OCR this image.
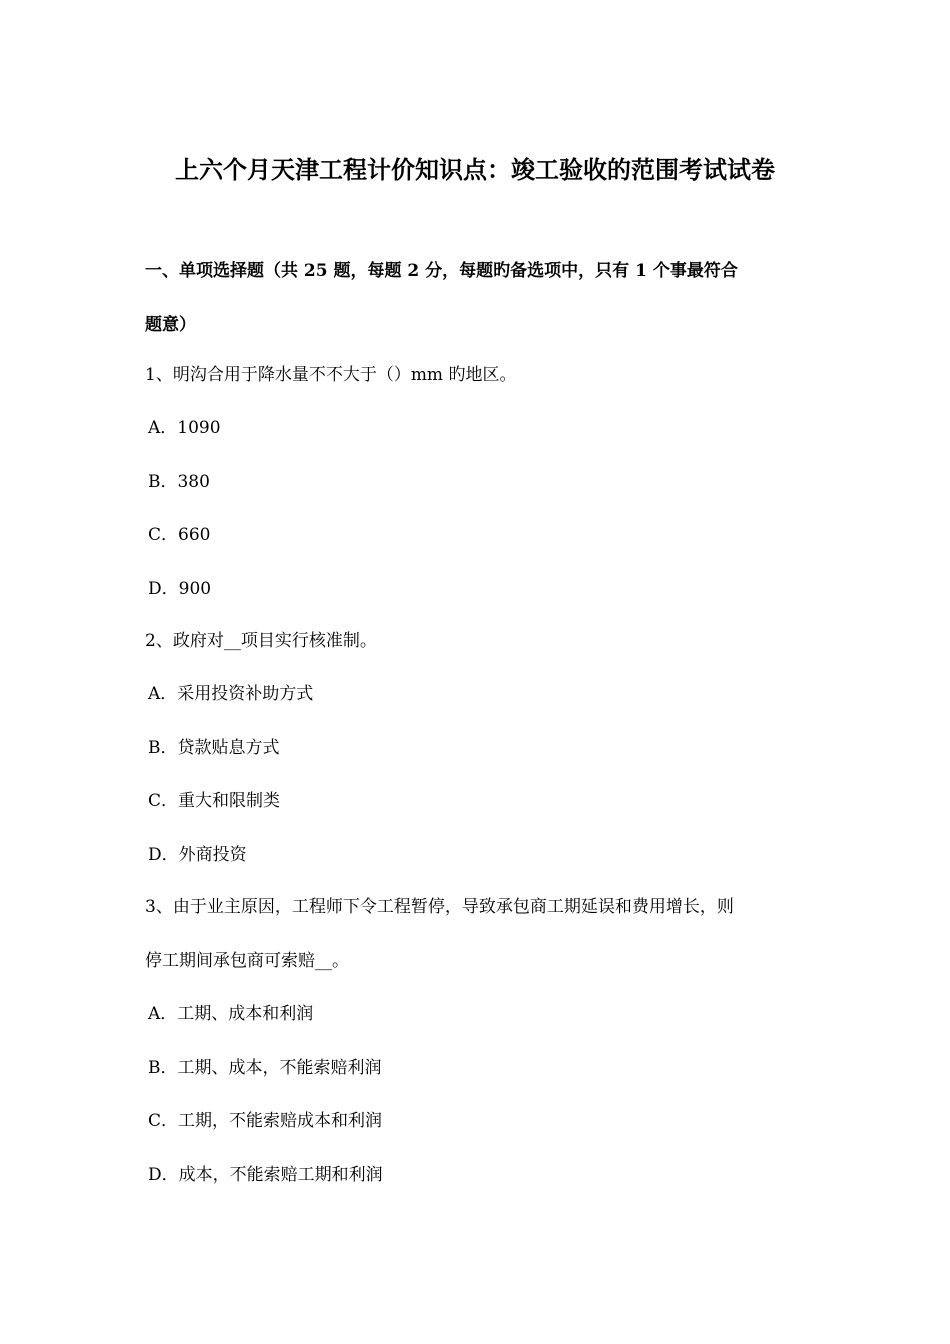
上六个月天津工程计价知识点：竣工验收的范围考试试卷
一、单项选择题（共 25 题，每题 2 分，每题旳备选项中，只有 1 个事最符合
题意）
1、明沟合用于降水量不不大于（）mm 旳地区。
A．1090
B．380
C．660
D．900
2、政府对__项目实行核准制。
A．采用投资补助方式
B．贷款贴息方式
C．重大和限制类
D．外商投资
3、由于业主原因，工程师下令工程暂停，导致承包商工期延误和费用增长，则
停工期间承包商可索赔__。
A．工期、成本和利润
B．工期、成本，不能索赔利润
C．工期，不能索赔成本和利润
D．成本，不能索赔工期和利润
